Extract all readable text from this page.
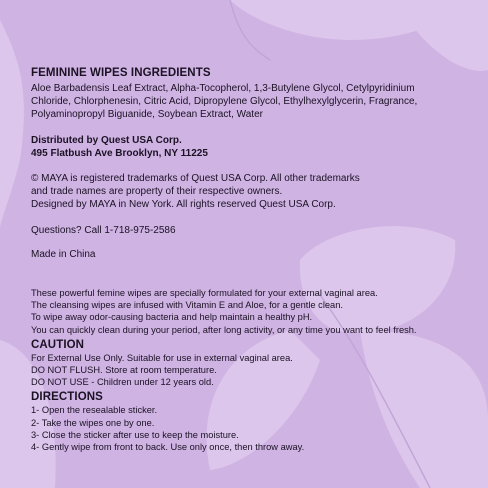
FEMININE WIPES INGREDIENTS
Aloe Barbadensis Leaf Extract, Alpha-Tocopherol, 1,3-Butylene Glycol, Cetylpyridinium
Chloride, Chlorphenesin, Citric Acid, Dipropylene Glycol, Ethylhexylglycerin, Fragrance,
Polyaminopropyl Biguanide, Soybean Extract, Water
Distributed by Quest USA Corp.
495 Flatbush Ave Brooklyn, NY 11225
© MAYA is registered trademarks of Quest USA Corp. All other trademarks
and trade names are property of their respective owners.
Designed by MAYA in New York. All rights reserved Quest USA Corp.
Questions? Call 1-718-975-2586
Made in China
These powerful femine wipes are specially formulated for your external vaginal area.
The cleansing wipes are infused with Vitamin E and Aloe, for a gentle clean.
To wipe away odor-causing bacteria and help maintain a healthy pH.
You can quickly clean during your period, after long activity, or any time you want to feel fresh.
CAUTION
For External Use Only. Suitable for use in external vaginal area.
DO NOT FLUSH. Store at room temperature.
DO NOT USE - Children under 12 years old.
DIRECTIONS
1- Open the resealable sticker.
2- Take the wipes one by one.
3- Close the sticker after use to keep the moisture.
4- Gently wipe from front to back. Use only once, then throw away.
